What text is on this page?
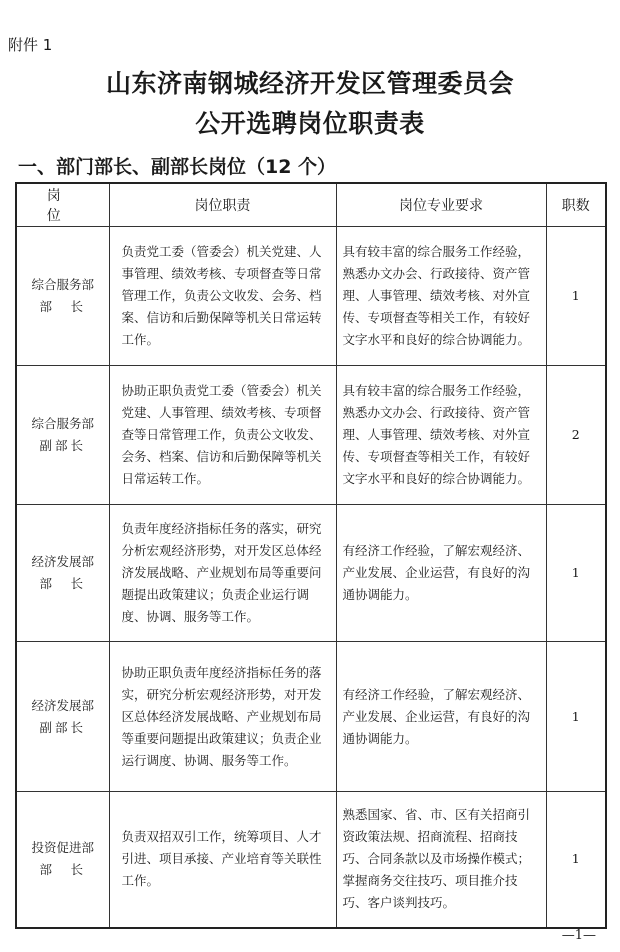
附件 1
山东济南钢城经济开发区管理委员会
公开选聘岗位职责表
一、部门部长、副部长岗位（12 个）
岗　位	岗位职责	岗位专业要求	职数

综合服务部
部　长	负责党工委（管委会）机关党建、人事管理、绩效考核、专项督查等日常管理工作，负责公文收发、会务、档案、信访和后勤保障等机关日常运转工作。	具有较丰富的综合服务工作经验，熟悉办文办会、行政接待、资产管理、人事管理、绩效考核、对外宣传、专项督查等相关工作，有较好文字水平和良好的综合协调能力。	1

综合服务部
副部长	协助正职负责党工委（管委会）机关党建、人事管理、绩效考核、专项督查等日常管理工作，负责公文收发、会务、档案、信访和后勤保障等机关日常运转工作。	具有较丰富的综合服务工作经验，熟悉办文办会、行政接待、资产管理、人事管理、绩效考核、对外宣传、专项督查等相关工作，有较好文字水平和良好的综合协调能力。	2

经济发展部
部　长	负责年度经济指标任务的落实，研究分析宏观经济形势，对开发区总体经济发展战略、产业规划布局等重要问题提出政策建议；负责企业运行调度、协调、服务等工作。	有经济工作经验，了解宏观经济、产业发展、企业运营，有良好的沟通协调能力。	1

经济发展部
副部长	协助正职负责年度经济指标任务的落实，研究分析宏观经济形势，对开发区总体经济发展战略、产业规划布局等重要问题提出政策建议；负责企业运行调度、协调、服务等工作。	有经济工作经验，了解宏观经济、产业发展、企业运营，有良好的沟通协调能力。	1

投资促进部
部　长	负责双招双引工作，统筹项目、人才引进、项目承接、产业培育等关联性工作。	熟悉国家、省、市、区有关招商引资政策法规、招商流程、招商技巧、合同条款以及市场操作模式；掌握商务交往技巧、项目推介技巧、客户谈判技巧。	1
—1—
